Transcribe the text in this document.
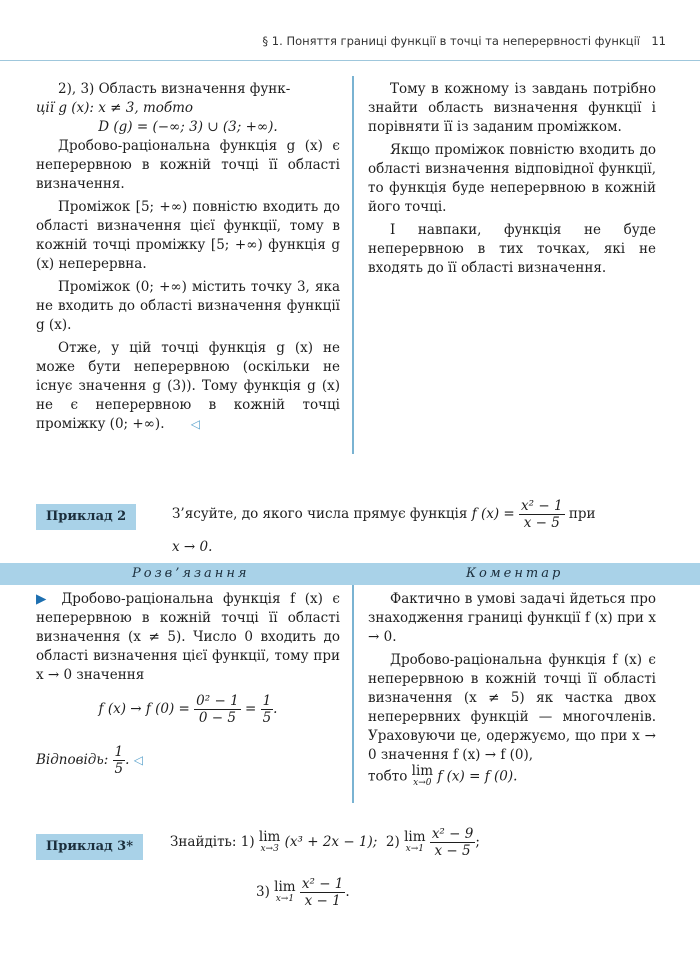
§ 1. Поняття границі функції в точці та неперервності функції 11

2), 3) Область визначення функ-

ції g (x): x ≠ 3, тобто

D (g) = (−∞; 3) ∪ (3; +∞).

Дробово-раціональна функція g (x) є неперервною в кожній точці її області визначення.

Проміжок [5; +∞) повністю входить до області визначення цієї функції, тому в кожній точці проміжку [5; +∞) функція g (x) неперервна.

Проміжок (0; +∞) містить точку 3, яка не входить до області визначення функції g (x).

Отже, у цій точці функція g (x) не може бути неперервною (оскільки не існує значення g (3)). Тому функція g (x) не є неперервною в кожній точці проміжку (0; +∞). ◁

Тому в кожному із завдань потрібно знайти область визначення функції і порівняти її із заданим проміжком.

Якщо проміжок повністю входить до області визначення відповідної функції, то функція буде неперервною в кожній його точці.

І навпаки, функція не буде неперервною в тих точках, які не входять до її області визначення.

Приклад 2	З’ясуйте, до якого числа прямує функція f $(x) = \frac{\text{x² − 1}}{x - 5}$ при
x → 0.
Розв’язання	Коментар

▶ Дробово-раціональна функція f (x) є неперервною в кожній точці її області визначення (x ≠ 5). Число 0 входить до області визначення цієї функції, тому при x → 0 значення

f (x) → f $(0) = \frac{\text{0² − 1}}{0 - 5} = \frac{1}{5}$ .

Відповідь: $\frac{1}{5}$ . ◁

Фактично в умові задачі йдеться про знаходження границі функції f (x) при x → 0.

Дробово-раціональна функція f (x) є неперервною в кожній точці її області визначення (x ≠ 5) як частка двох неперервних функцій — многочленів. Ураховуючи це, одержуємо, що при x → 0 значення f (x) → f (0),

тобто lim
x→0 f (x) = f (0).

Приклад 3*	Знайдіть: 1) lim
x→3 (x³ + 2x − 1); 2) lim
x→1
$\frac{\text{x² − 9}}{x - 5}$ ;
3) lim
x→1
$\frac{\text{x² − 1}}{x - 1}$ .
